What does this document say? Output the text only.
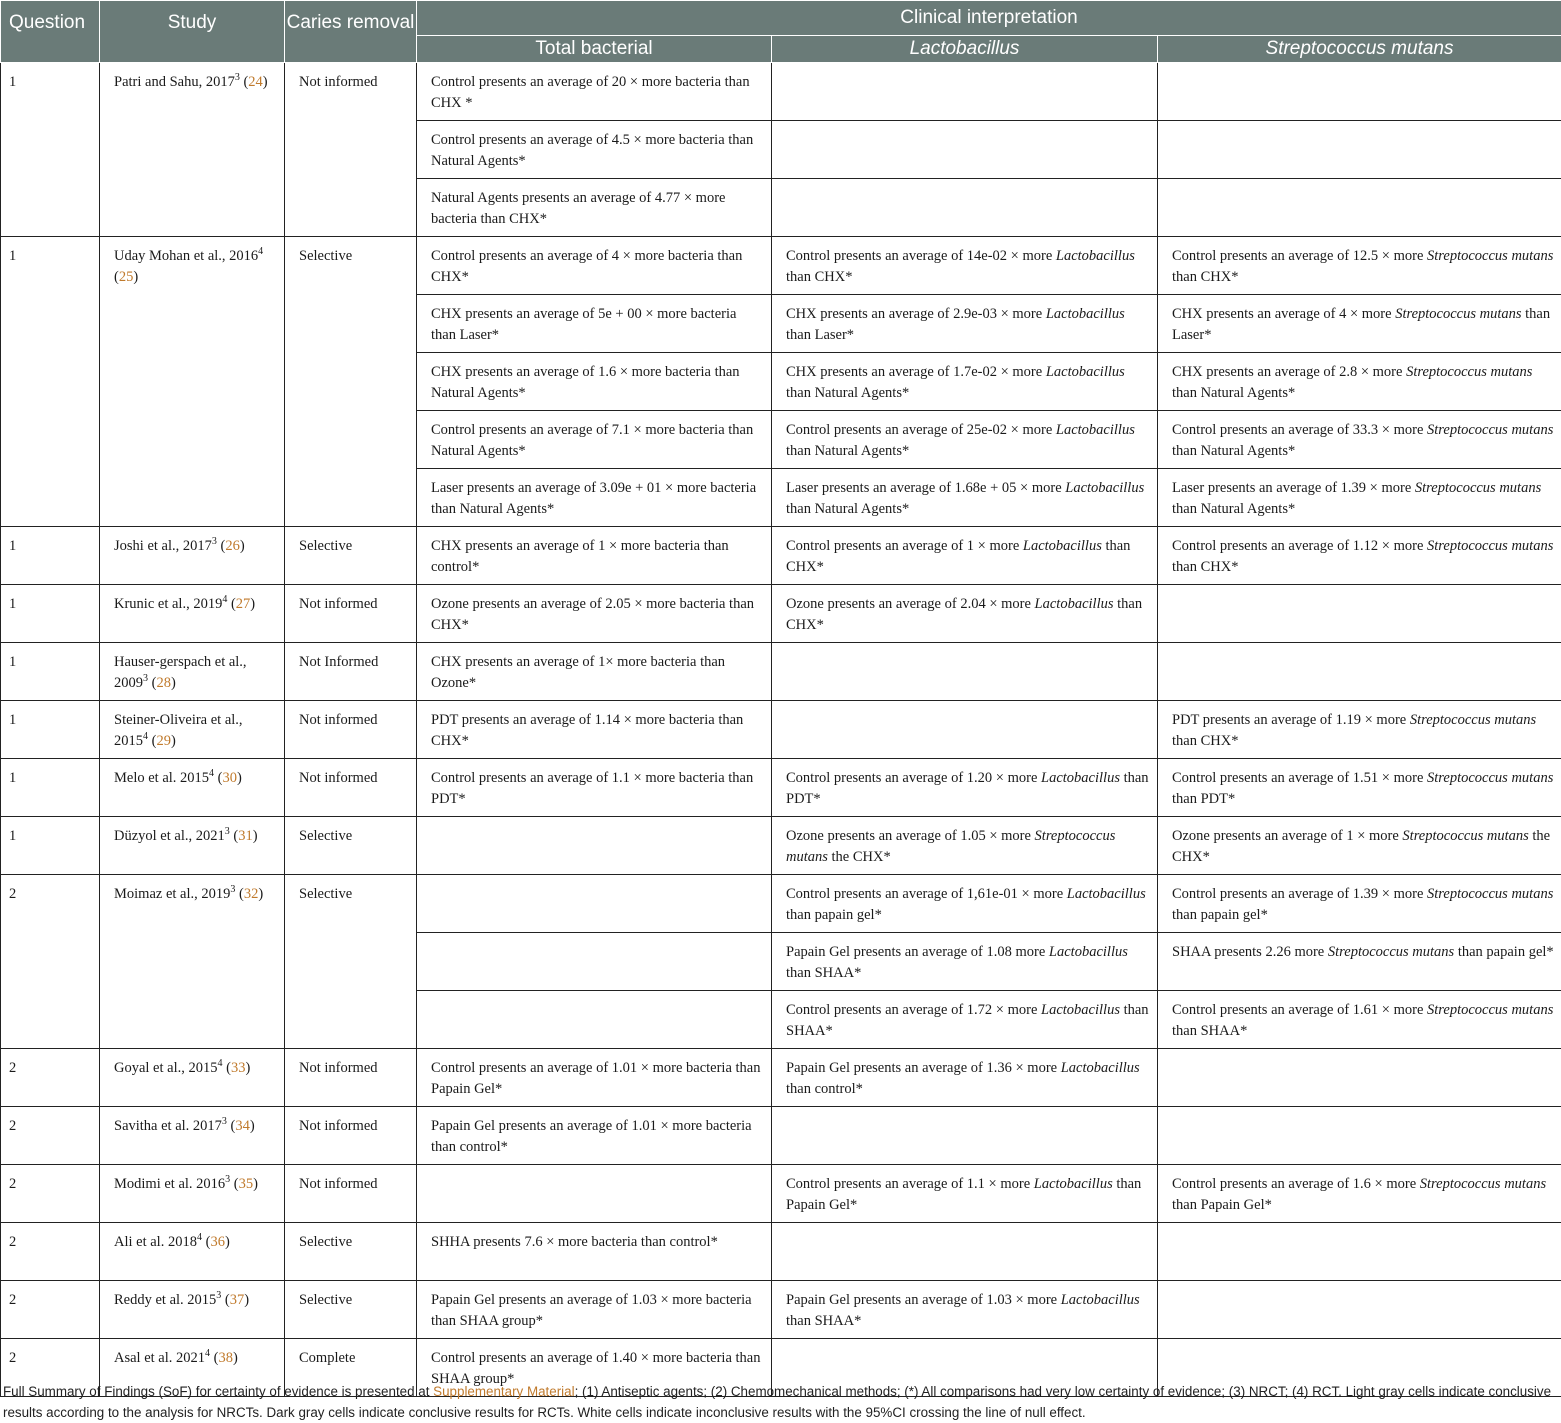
Question	Study	Caries removal	Clinical interpretation		
			Total bacterial	Lactobacillus	Streptococcus mutans
1	Patri and Sahu, 2017$^3$ (24)	Not informed	Control presents an average of 20 × more bacteria than CHX *		
			Control presents an average of 4.5 × more bacteria than Natural Agents*		
			Natural Agents presents an average of 4.77 × more bacteria than CHX*		
1	Uday Mohan et al., 2016$^4$ (25)	Selective	Control presents an average of 4 × more bacteria than CHX*	Control presents an average of 14e-02 × more Lactobacillus than CHX*	Control presents an average of 12.5 × more Streptococcus mutans than CHX*
			CHX presents an average of 5e + 00 × more bacteria than Laser*	CHX presents an average of 2.9e-03 × more Lactobacillus than Laser*	CHX presents an average of 4 × more Streptococcus mutans than Laser*
			CHX presents an average of 1.6 × more bacteria than Natural Agents*	CHX presents an average of 1.7e-02 × more Lactobacillus than Natural Agents*	CHX presents an average of 2.8 × more Streptococcus mutans than Natural Agents*
			Control presents an average of 7.1 × more bacteria than Natural Agents*	Control presents an average of 25e-02 × more Lactobacillus than Natural Agents*	Control presents an average of 33.3 × more Streptococcus mutans than Natural Agents*
			Laser presents an average of 3.09e + 01 × more bacteria than Natural Agents*	Laser presents an average of 1.68e + 05 × more Lactobacillus than Natural Agents*	Laser presents an average of 1.39 × more Streptococcus mutans than Natural Agents*
1	Joshi et al., 2017$^3$ (26)	Selective	CHX presents an average of 1 × more bacteria than control*	Control presents an average of 1 × more Lactobacillus than CHX*	Control presents an average of 1.12 × more Streptococcus mutans than CHX*
1	Krunic et al., 2019$^4$ (27)	Not informed	Ozone presents an average of 2.05 × more bacteria than CHX*	Ozone presents an average of 2.04 × more Lactobacillus than CHX*	
1	Hauser-gerspach et al., 2009$^3$ (28)	Not Informed	CHX presents an average of 1× more bacteria than Ozone*		
1	Steiner-Oliveira et al., 2015$^4$ (29)	Not informed	PDT presents an average of 1.14 × more bacteria than CHX*		PDT presents an average of 1.19 × more Streptococcus mutans than CHX*
1	Melo et al. 2015$^4$ (30)	Not informed	Control presents an average of 1.1 × more bacteria than PDT*	Control presents an average of 1.20 × more Lactobacillus than PDT*	Control presents an average of 1.51 × more Streptococcus mutans than PDT*
1	Düzyol et al., 2021$^3$ (31)	Selective		Ozone presents an average of 1.05 × more Streptococcus mutans the CHX*	Ozone presents an average of 1 × more Streptococcus mutans the CHX*
2	Moimaz et al., 2019$^3$ (32)	Selective		Control presents an average of 1,61e-01 × more Lactobacillus than papain gel*	Control presents an average of 1.39 × more Streptococcus mutans than papain gel*
				Papain Gel presents an average of 1.08 more Lactobacillus than SHAA*	SHAA presents 2.26 more Streptococcus mutans than papain gel*
				Control presents an average of 1.72 × more Lactobacillus than SHAA*	Control presents an average of 1.61 × more Streptococcus mutans than SHAA*
2	Goyal et al., 2015$^4$ (33)	Not informed	Control presents an average of 1.01 × more bacteria than Papain Gel*	Papain Gel presents an average of 1.36 × more Lactobacillus than control*	
2	Savitha et al. 2017$^3$ (34)	Not informed	Papain Gel presents an average of 1.01 × more bacteria than control*		
2	Modimi et al. 2016$^3$ (35)	Not informed		Control presents an average of 1.1 × more Lactobacillus than Papain Gel*	Control presents an average of 1.6 × more Streptococcus mutans than Papain Gel*
2	Ali et al. 2018$^4$ (36)	Selective	SHHA presents 7.6 × more bacteria than control*		
2	Reddy et al. 2015$^3$ (37)	Selective	Papain Gel presents an average of 1.03 × more bacteria than SHAA group*	Papain Gel presents an average of 1.03 × more Lactobacillus than SHAA*	
2	Asal et al. 2021$^4$ (38)	Complete	Control presents an average of 1.40 × more bacteria than SHAA group*		
Full Summary of Findings (SoF) for certainty of evidence is presented at Supplementary Material; (1) Antiseptic agents; (2) Chemomechanical methods; (*) All comparisons had very low certainty of evidence; (3) NRCT; (4) RCT. Light gray cells indicate conclusive results according to the analysis for NRCTs. Dark gray cells indicate conclusive results for RCTs. White cells indicate inconclusive results with the 95%CI crossing the line of null effect.
